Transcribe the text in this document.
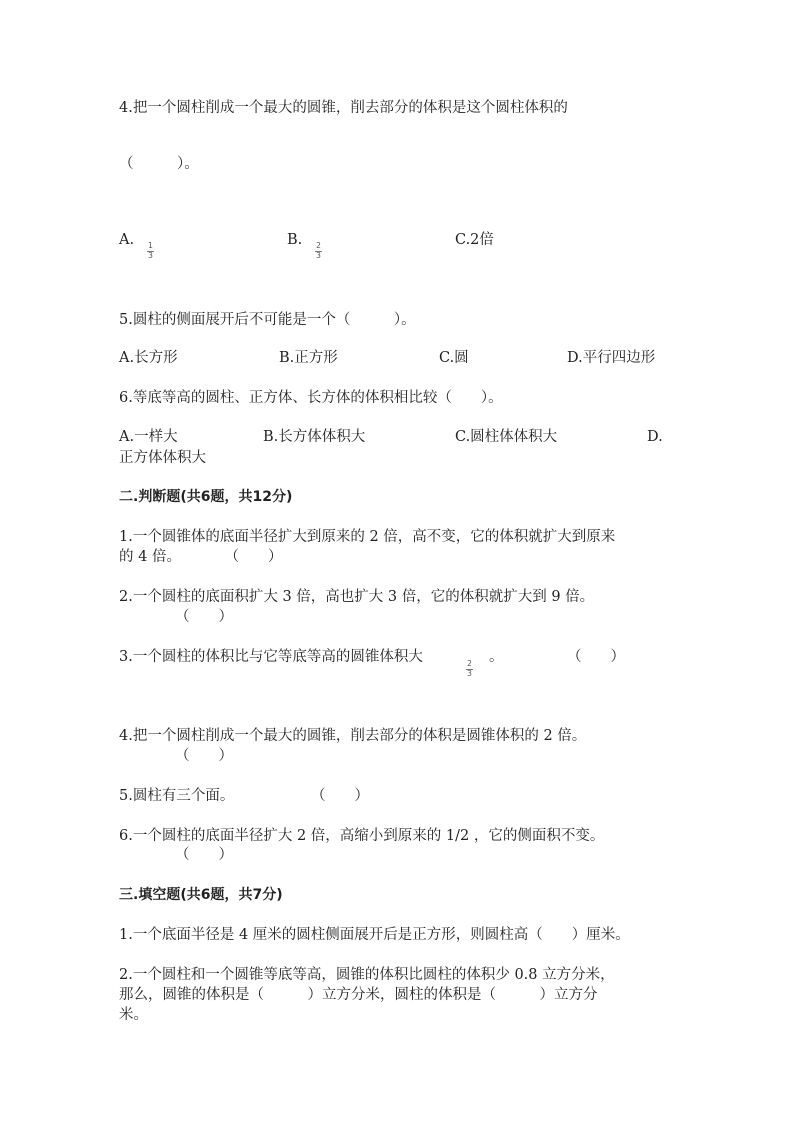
4.把一个圆柱削成一个最大的圆锥，削去部分的体积是这个圆柱体积的
（　　　）。
A. 1
3
B. 2
3
C.2倍
5.圆柱的侧面展开后不可能是一个（　　　）。
A.长方形	B.正方形	C.圆	D.平行四边形
6.等底等高的圆柱、正方体、长方体的体积相比较（　　）。
A.一样大	B.长方体体积大	C.圆柱体体积大	D.
正方体体积大
二.判断题(共6题，共12分)
1.一个圆锥体的底面半径扩大到原来的 2 倍，高不变，它的体积就扩大到原来
的 4 倍。　　　　（　　）
2.一个圆柱的底面积扩大 3 倍，高也扩大 3 倍，它的体积就扩大到 9 倍。
（　　）
3.一个圆柱的体积比与它等底等高的圆锥体积大	2
3
。	（　　）
4.把一个圆柱削成一个最大的圆锥，削去部分的体积是圆锥体积的 2 倍。
（　　）
5.圆柱有三个面。	（　　）
6.一个圆柱的底面半径扩大 2 倍，高缩小到原来的 1/2 ，它的侧面积不变。
（　　）
三.填空题(共6题，共7分)
1.一个底面半径是 4 厘米的圆柱侧面展开后是正方形，则圆柱高（　　）厘米。
2.一个圆柱和一个圆锥等底等高，圆锥的体积比圆柱的体积少 0.8 立方分米，
那么，圆锥的体积是（　　　）立方分米，圆柱的体积是（　　　）立方分
米。
